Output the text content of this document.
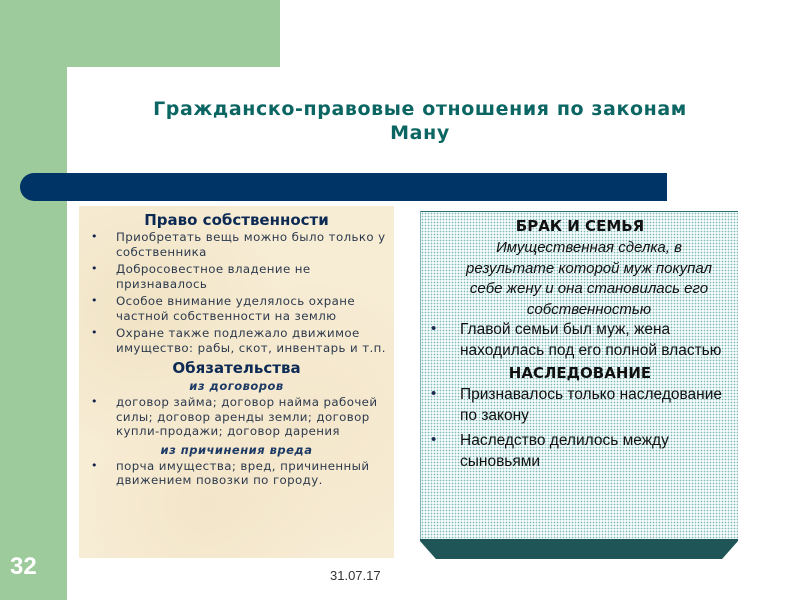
Гражданско-правовые отношения по законам
Ману
Право собственности
• Приобретать вещь можно было только у собственника
• Добросовестное владение не признавалось
• Особое внимание уделялось охране частной собственности на землю
• Охране также подлежало движимое имущество: рабы, скот, инвентарь и т.п.
Обязательства
из договоров
• договор займа; договор найма рабочей силы; договор аренды земли; договор купли-продажи; договор дарения
из причинения вреда
• порча имущества; вред, причиненный движением повозки по городу.
БРАК И СЕМЬЯ
Имущественная сделка, в результате которой муж покупал себе жену и она становилась его собственностью
• Главой семьи был муж, жена находилась под его полной властью
НАСЛЕДОВАНИЕ
• Признавалось только наследование по закону
• Наследство делилось между сыновьями
32	31.07.17
